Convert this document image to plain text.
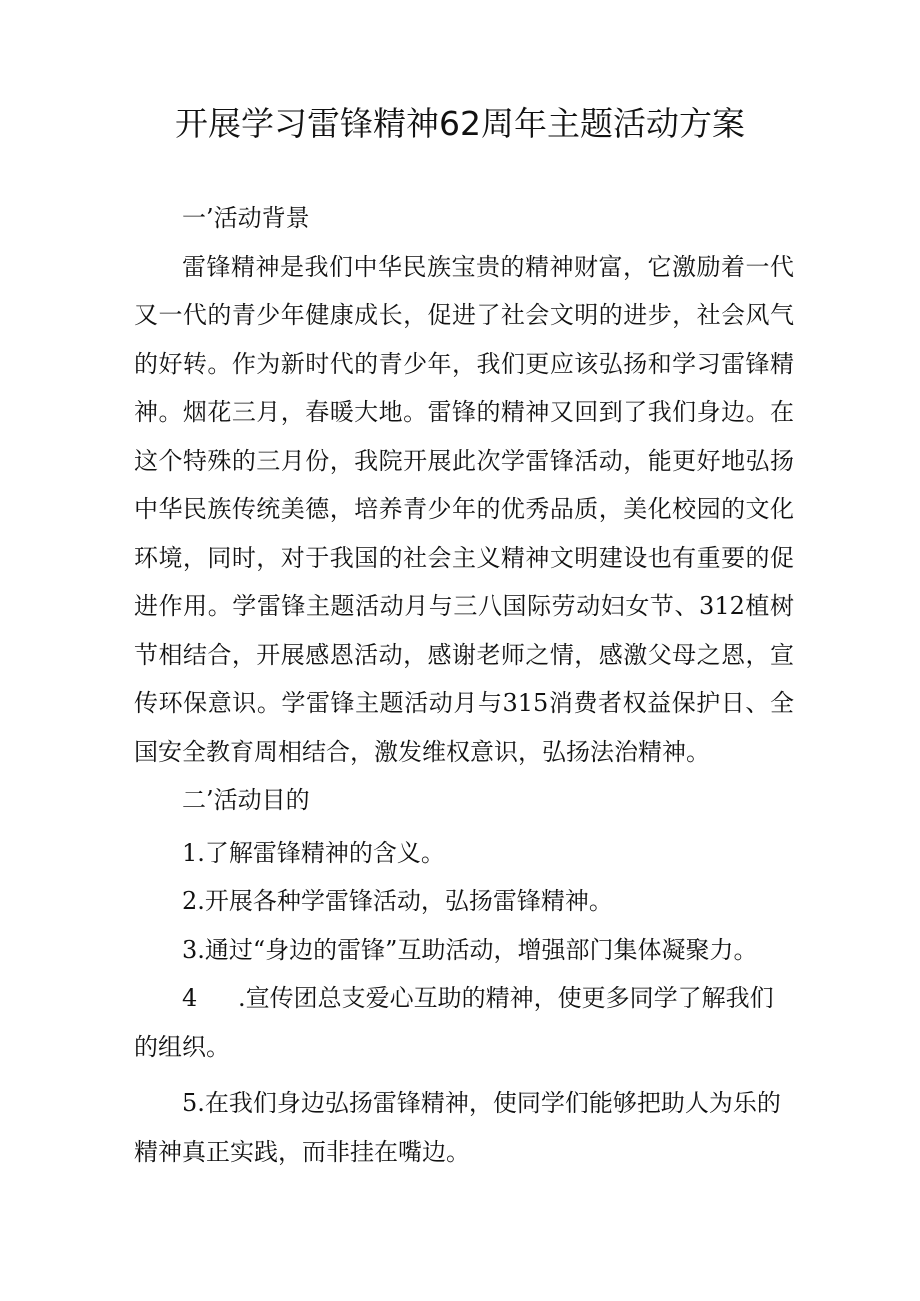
开展学习雷锋精神62周年主题活动方案

一’活动背景

雷锋精神是我们中华民族宝贵的精神财富，它激励着一代又一代的青少年健康成长，促进了社会文明的进步，社会风气的好转。作为新时代的青少年，我们更应该弘扬和学习雷锋精神。烟花三月，春暖大地。雷锋的精神又回到了我们身边。在这个特殊的三月份，我院开展此次学雷锋活动，能更好地弘扬中华民族传统美德，培养青少年的优秀品质，美化校园的文化环境，同时，对于我国的社会主义精神文明建设也有重要的促进作用。学雷锋主题活动月与三八国际劳动妇女节、312植树节相结合，开展感恩活动，感谢老师之情，感激父母之恩，宣传环保意识。学雷锋主题活动月与315消费者权益保护日、全国安全教育周相结合，激发维权意识，弘扬法治精神。

二’活动目的

1.了解雷锋精神的含义。

2.开展各种学雷锋活动，弘扬雷锋精神。

3.通过“身边的雷锋”互助活动，增强部门集体凝聚力。

4 .宣传团总支爱心互助的精神，使更多同学了解我们的组织。

5.在我们身边弘扬雷锋精神，使同学们能够把助人为乐的精神真正实践，而非挂在嘴边。
